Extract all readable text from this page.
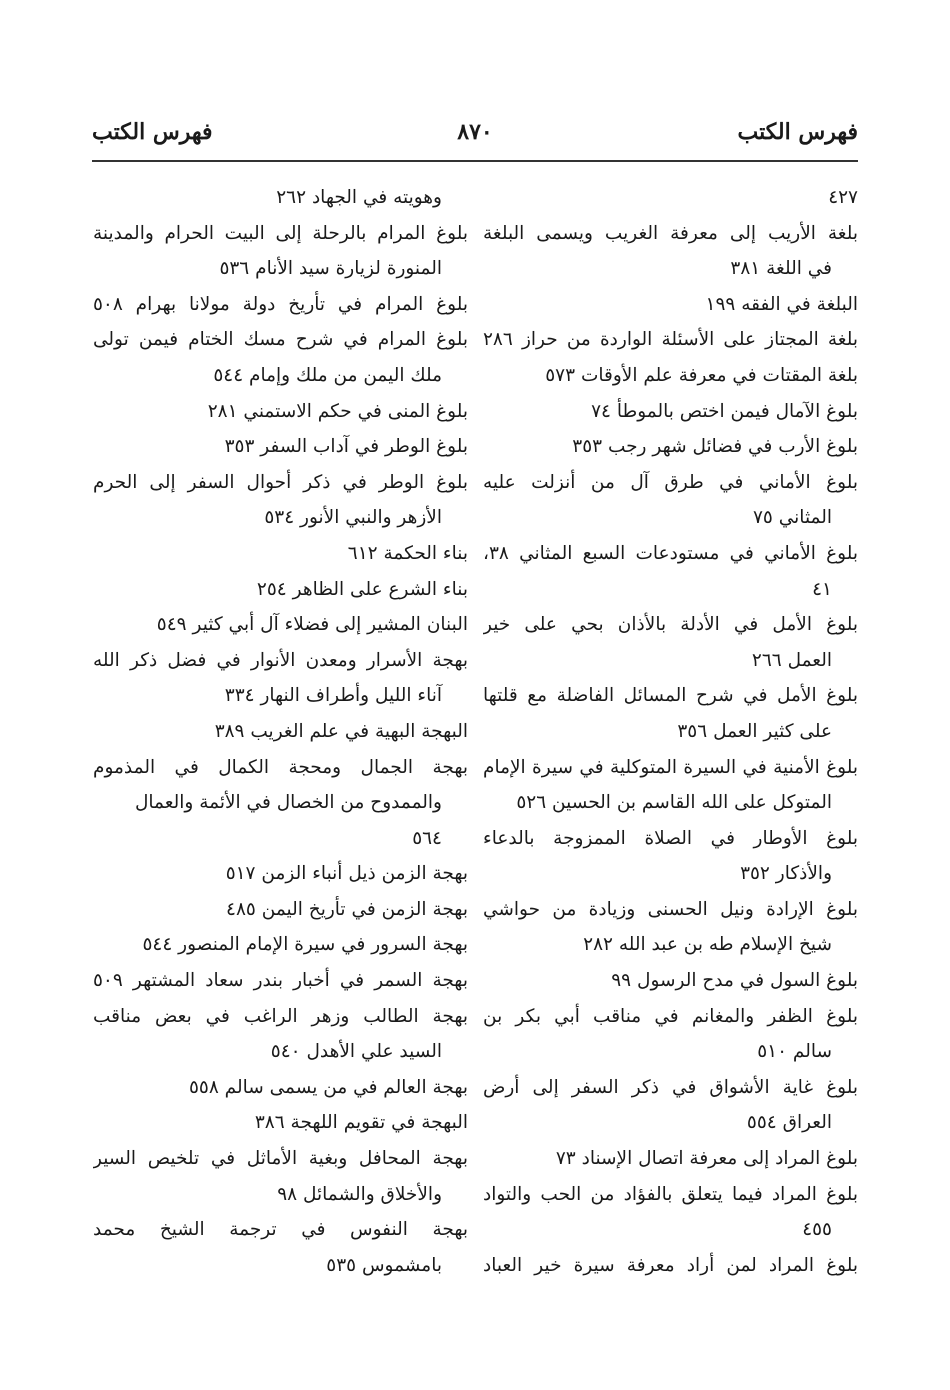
فهرس الكتب
٨٧٠
فهرس الكتب
٤٢٧
بلغة الأريب إلى معرفة الغريب ويسمى البلغة
في اللغة ٣٨١
البلغة في الفقه ١٩٩
بلغة المجتاز على الأسئلة الواردة من حراز ٢٨٦
بلغة المقتات في معرفة علم الأوقات ٥٧٣
بلوغ الآمال فيمن اختص بالموطأ ٧٤
بلوغ الأرب في فضائل شهر رجب ٣٥٣
بلوغ الأماني في طرق آل من أنزلت عليه
المثاني ٧٥
بلوغ الأماني في مستودعات السبع المثاني ٣٨،
٤١
بلوغ الأمل في الأدلة بالأذان بحي على خير
العمل ٢٦٦
بلوغ الأمل في شرح المسائل الفاضلة مع قلتها
على كثير العمل ٣٥٦
بلوغ الأمنية في السيرة المتوكلية في سيرة الإمام
المتوكل على الله القاسم بن الحسين ٥٢٦
بلوغ الأوطار في الصلاة الممزوجة بالدعاء
والأذكار ٣٥٢
بلوغ الإرادة ونيل الحسنى وزيادة من حواشي
شيخ الإسلام طه بن عبد الله ٢٨٢
بلوغ السول في مدح الرسول ٩٩
بلوغ الظفر والمغانم في مناقب أبي بكر بن
سالم ٥١٠
بلوغ غاية الأشواق في ذكر السفر إلى أرض
العراق ٥٥٤
بلوغ المراد إلى معرفة اتصال الإسناد ٧٣
بلوغ المراد فيما يتعلق بالفؤاد من الحب والتواد
٤٥٥
بلوغ المراد لمن أراد معرفة سيرة خير العباد
وهويته في الجهاد ٢٦٢
بلوغ المرام بالرحلة إلى البيت الحرام والمدينة
المنورة لزيارة سيد الأنام ٥٣٦
بلوغ المرام في تأريخ دولة مولانا بهرام ٥٠٨
بلوغ المرام في شرح مسك الختام فيمن تولى
ملك اليمن من ملك وإمام ٥٤٤
بلوغ المنى في حكم الاستمني ٢٨١
بلوغ الوطر في آداب السفر ٣٥٣
بلوغ الوطر في ذكر أحوال السفر إلى الحرم
الأزهر والنبي الأنور ٥٣٤
بناء الحكمة ٦١٢
بناء الشرع على الظاهر ٢٥٤
البنان المشير إلى فضلاء آل أبي كثير ٥٤٩
بهجة الأسرار ومعدن الأنوار في فضل ذكر الله
آناء الليل وأطراف النهار ٣٣٤
البهجة البهية في علم الغريب ٣٨٩
بهجة الجمال ومحجة الكمال في المذموم
والممدوح من الخصال في الأئمة والعمال
٥٦٤
بهجة الزمن ذيل أنباء الزمن ٥١٧
بهجة الزمن في تأريخ اليمن ٤٨٥
بهجة السرور في سيرة الإمام المنصور ٥٤٤
بهجة السمر في أخبار بندر سعاد المشتهر ٥٠٩
بهجة الطالب وزهر الراغب في بعض مناقب
السيد علي الأهدل ٥٤٠
بهجة العالم في من يسمى سالم ٥٥٨
البهجة في تقويم اللهجة ٣٨٦
بهجة المحافل وبغية الأماثل في تلخيص السير
والأخلاق والشمائل ٩٨
بهجة النفوس في ترجمة الشيخ محمد
بامشموس ٥٣٥
